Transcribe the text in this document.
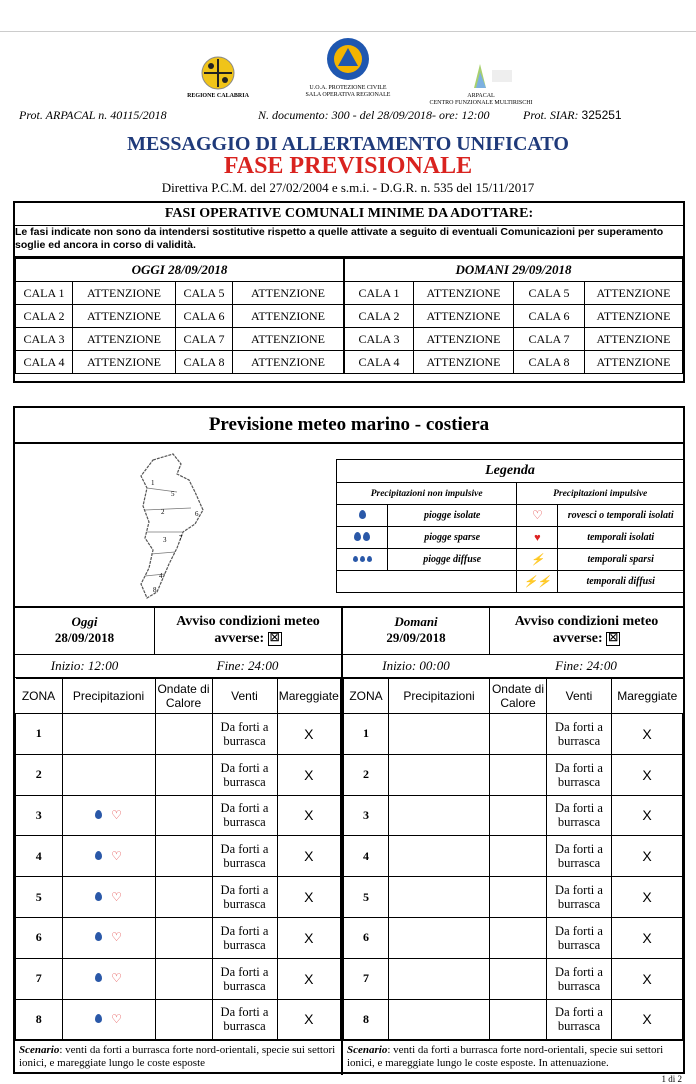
REGIONE CALABRIA
U.O.A. PROTEZIONE CIVILE
SALA OPERATIVA REGIONALE	ARPACAL
CENTRO FUNZIONALE MULTIRISCHI
Prot. ARPACAL n. 40115/2018	N. documento: 300 - del 28/09/2018- ore: 12:00	Prot. SIAR: 325251
MESSAGGIO DI ALLERTAMENTO UNIFICATO
FASE PREVISIONALE
Direttiva P.C.M. del 27/02/2004 e s.m.i. - D.G.R. n. 535 del 15/11/2017
FASI OPERATIVE COMUNALI MINIME DA ADOTTARE:
Le fasi indicate non sono da intendersi sostitutive rispetto a quelle attivate a seguito di eventuali Comunicazioni per superamento soglie ed ancora in corso di validità.
OGGI 28/09/2018				DOMANI 29/09/2018			
CALA 1	ATTENZIONE	CALA 5	ATTENZIONE	CALA 1	ATTENZIONE	CALA 5	ATTENZIONE
CALA 2	ATTENZIONE	CALA 6	ATTENZIONE	CALA 2	ATTENZIONE	CALA 6	ATTENZIONE
CALA 3	ATTENZIONE	CALA 7	ATTENZIONE	CALA 3	ATTENZIONE	CALA 7	ATTENZIONE
CALA 4	ATTENZIONE	CALA 8	ATTENZIONE	CALA 4	ATTENZIONE	CALA 8	ATTENZIONE
Previsione meteo marino - costiera
1
2
3
4
5
6
7
8
Legenda			
Precipitazioni non impulsive		Precipitazioni impulsive	
	piogge isolate	♡	rovesci o temporali isolati
	piogge sparse	♥	temporali isolati
	piogge diffuse	⚡	temporali sparsi
		⚡⚡	temporali diffusi
Oggi
28/09/2018
Avviso condizioni meteo avverse: ☒
Inizio: 12:00	Fine: 24:00
ZONA	Precipitazioni	Ondate di Calore	Venti	Mareggiate
1			Da forti a burrasca	X
2			Da forti a burrasca	X
3	♡		Da forti a burrasca	X
4	♡		Da forti a burrasca	X
5	♡		Da forti a burrasca	X
6	♡		Da forti a burrasca	X
7	♡		Da forti a burrasca	X
8	♡		Da forti a burrasca	X
Scenario: venti da forti a burrasca forte nord-orientali, specie sui settori ionici, e mareggiate lungo le coste esposte
Domani
29/09/2018
Avviso condizioni meteo avverse: ☒
Inizio: 00:00	Fine: 24:00
ZONA	Precipitazioni	Ondate di Calore	Venti	Mareggiate
1			Da forti a burrasca	X
2			Da forti a burrasca	X
3			Da forti a burrasca	X
4			Da forti a burrasca	X
5			Da forti a burrasca	X
6			Da forti a burrasca	X
7			Da forti a burrasca	X
8			Da forti a burrasca	X
Scenario: venti da forti a burrasca forte nord-orientali, specie sui settori ionici, e mareggiate lungo le coste esposte. In attenuazione.
1 di 2
